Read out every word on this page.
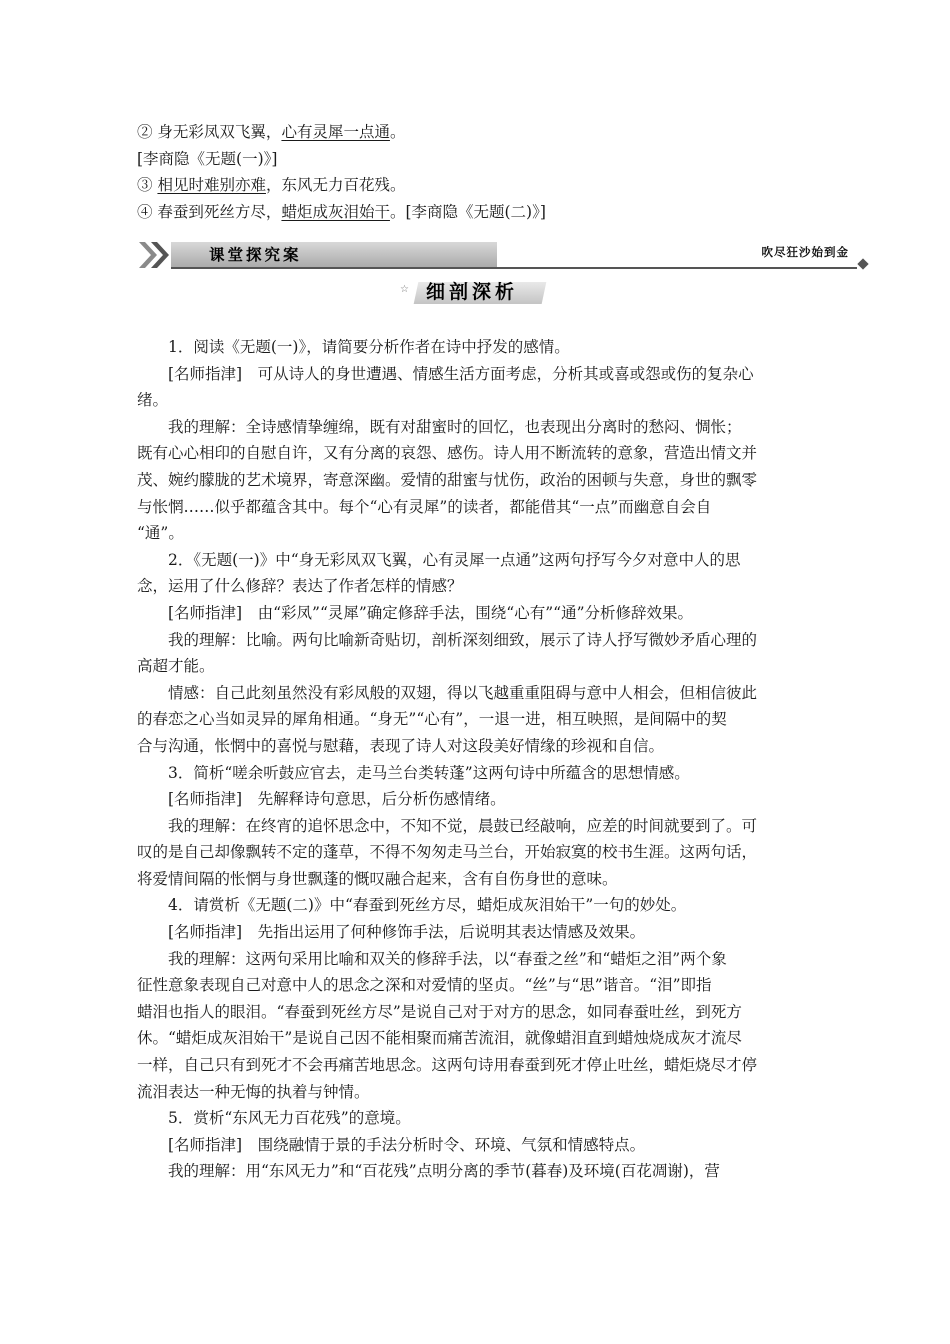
② 身无彩凤双飞翼，心有灵犀一点通。
[李商隐《无题(一)》]
③ 相见时难别亦难，东风无力百花残。
④ 春蚕到死丝方尽，蜡炬成灰泪始干。[李商隐《无题(二)》]
课堂探究案	吹尽狂沙始到金
☆ 细剖深析
　　1．阅读《无题(一)》，请简要分析作者在诗中抒发的感情。
　　[名师指津]　可从诗人的身世遭遇、情感生活方面考虑，分析其或喜或怨或伤的复杂心
绪。
　　我的理解：全诗感情挚缠绵，既有对甜蜜时的回忆，也表现出分离时的愁闷、惆怅；
既有心心相印的自慰自许，又有分离的哀怨、感伤。诗人用不断流转的意象，营造出情文并
茂、婉约朦胧的艺术境界，寄意深幽。爱情的甜蜜与忧伤，政治的困顿与失意，身世的飘零
与怅惘……似乎都蕴含其中。每个“心有灵犀”的读者，都能借其“一点”而幽意自会自
“通”。
　　2．《无题(一)》中“身无彩凤双飞翼，心有灵犀一点通”这两句抒写今夕对意中人的思
念，运用了什么修辞？表达了作者怎样的情感？
　　[名师指津]　由“彩凤”“灵犀”确定修辞手法，围绕“心有”“通”分析修辞效果。
　　我的理解：比喻。两句比喻新奇贴切，剖析深刻细致，展示了诗人抒写微妙矛盾心理的
高超才能。
　　情感：自己此刻虽然没有彩凤般的双翅，得以飞越重重阻碍与意中人相会，但相信彼此
的春恋之心当如灵异的犀角相通。“身无”“心有”，一退一进，相互映照，是间隔中的契
合与沟通，怅惘中的喜悦与慰藉，表现了诗人对这段美好情缘的珍视和自信。
　　3．简析“嗟余听鼓应官去，走马兰台类转蓬”这两句诗中所蕴含的思想情感。
　　[名师指津]　先解释诗句意思，后分析伤感情绪。
　　我的理解：在终宵的追怀思念中，不知不觉，晨鼓已经敲响，应差的时间就要到了。可
叹的是自己却像飘转不定的蓬草，不得不匆匆走马兰台，开始寂寞的校书生涯。这两句话，
将爱情间隔的怅惘与身世飘蓬的慨叹融合起来，含有自伤身世的意味。
　　4．请赏析《无题(二)》中“春蚕到死丝方尽，蜡炬成灰泪始干”一句的妙处。
　　[名师指津]　先指出运用了何种修饰手法，后说明其表达情感及效果。
　　我的理解：这两句采用比喻和双关的修辞手法，以“春蚕之丝”和“蜡炬之泪”两个象
征性意象表现自己对意中人的思念之深和对爱情的坚贞。“丝”与“思”谐音。“泪”即指
蜡泪也指人的眼泪。“春蚕到死丝方尽”是说自己对于对方的思念，如同春蚕吐丝，到死方
休。“蜡炬成灰泪始干”是说自己因不能相聚而痛苦流泪，就像蜡泪直到蜡烛烧成灰才流尽
一样，自己只有到死才不会再痛苦地思念。这两句诗用春蚕到死才停止吐丝，蜡炬烧尽才停
流泪表达一种无悔的执着与钟情。
　　5．赏析“东风无力百花残”的意境。
　　[名师指津]　围绕融情于景的手法分析时令、环境、气氛和情感特点。
　　我的理解：用“东风无力”和“百花残”点明分离的季节(暮春)及环境(百花凋谢)，营
